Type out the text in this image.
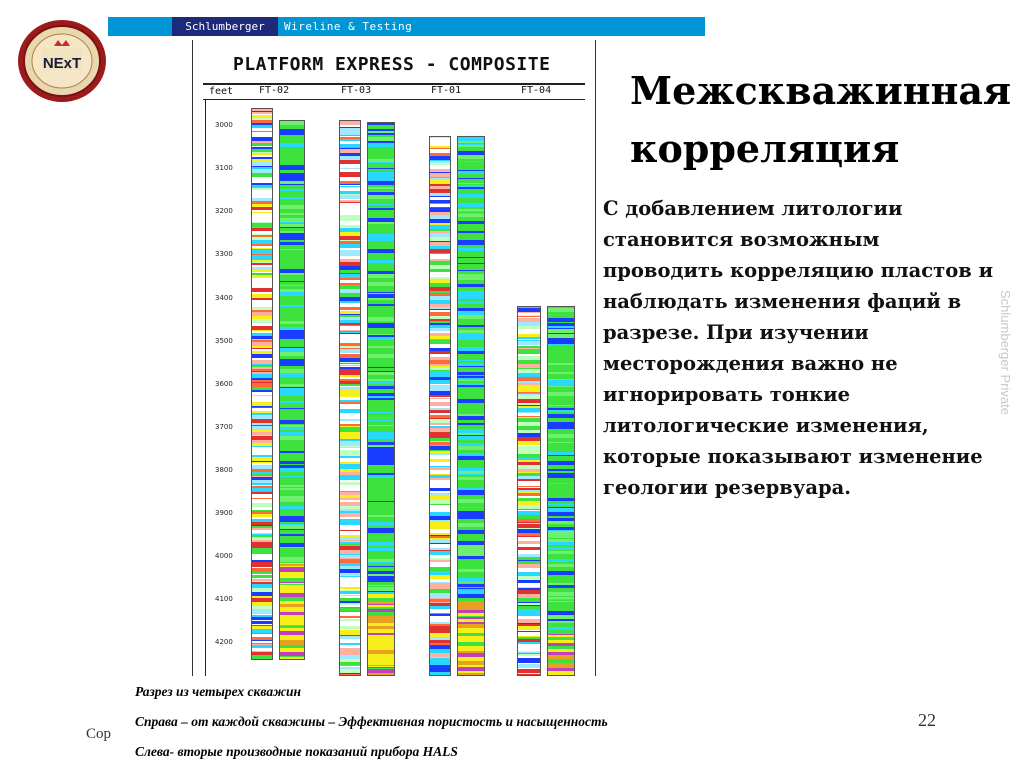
Schlumberger	Wireline & Testing
NExT	PLATFORM EXPRESS - COMPOSITE
feet	FT-02	FT-03	FT-01	FT-04
3000
3100
3200
3300
3400
3500
3600
3700
3800
3900
4000
4100
4200
Межскважинная корреляция

С добавлением литологии становится возможным проводить корреляцию пластов и наблюдать изменения фаций в разрезе. При изучении месторождения важно не игнорировать тонкие литологические изменения, которые показывают изменение геологии резервуара.

Schlumberger Private
Разрез из четырех скважин
Справа – от каждой скважины – Эффективная пористость и насыщенность
Слева- вторые производные показаний прибора HALS
Cop
22
